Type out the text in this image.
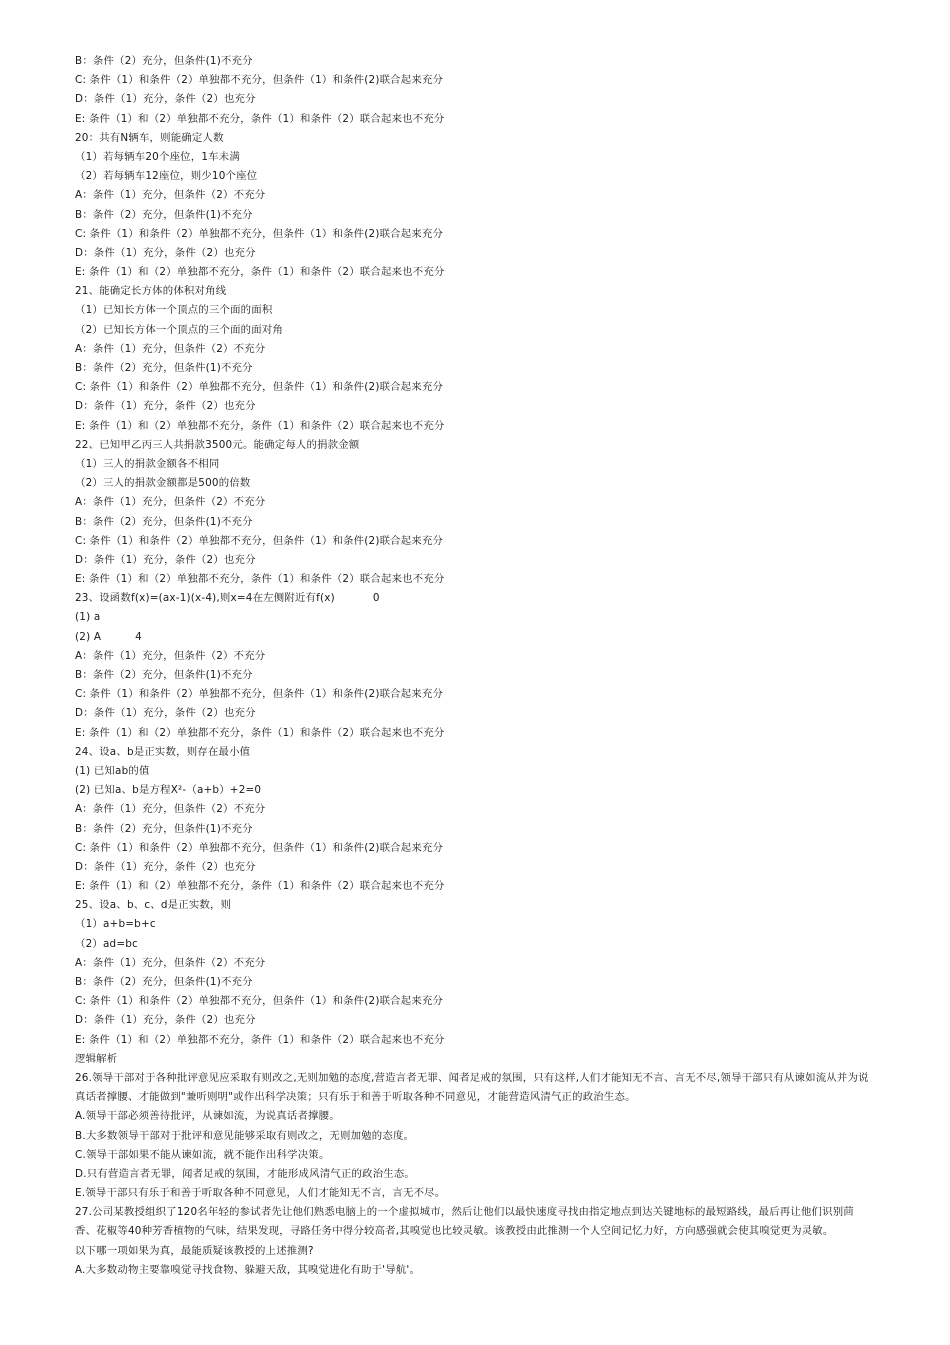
B：条件（2）充分，但条件(1)不充分
C: 条件（1）和条件（2）单独都不充分，但条件（1）和条件(2)联合起来充分
D：条件（1）充分，条件（2）也充分
E: 条件（1）和（2）单独都不充分，条件（1）和条件（2）联合起来也不充分
20：共有N辆车，则能确定人数
（1）若每辆车20个座位，1车未满
（2）若每辆车12座位，则少10个座位
A：条件（1）充分，但条件（2）不充分
B：条件（2）充分，但条件(1)不充分
C: 条件（1）和条件（2）单独都不充分，但条件（1）和条件(2)联合起来充分
D：条件（1）充分，条件（2）也充分
E: 条件（1）和（2）单独都不充分，条件（1）和条件（2）联合起来也不充分
21、能确定长方体的体积对角线
（1）已知长方体一个顶点的三个面的面积
（2）已知长方体一个顶点的三个面的面对角
A：条件（1）充分，但条件（2）不充分
B：条件（2）充分，但条件(1)不充分
C: 条件（1）和条件（2）单独都不充分，但条件（1）和条件(2)联合起来充分
D：条件（1）充分，条件（2）也充分
E: 条件（1）和（2）单独都不充分，条件（1）和条件（2）联合起来也不充分
22、已知甲乙丙三人共捐款3500元。能确定每人的捐款金额
（1）三人的捐款金额各不相同
（2）三人的捐款金额都是500的倍数
A：条件（1）充分，但条件（2）不充分
B：条件（2）充分，但条件(1)不充分
C: 条件（1）和条件（2）单独都不充分，但条件（1）和条件(2)联合起来充分
D：条件（1）充分，条件（2）也充分
E: 条件（1）和（2）单独都不充分，条件（1）和条件（2）联合起来也不充分
23、设函数f(x)=(ax-1)(x-4),则x=4在左侧附近有f(x)	0
(1) a
(2) A	4
A：条件（1）充分，但条件（2）不充分
B：条件（2）充分，但条件(1)不充分
C: 条件（1）和条件（2）单独都不充分，但条件（1）和条件(2)联合起来充分
D：条件（1）充分，条件（2）也充分
E: 条件（1）和（2）单独都不充分，条件（1）和条件（2）联合起来也不充分
24、设a、b是正实数，则存在最小值
(1) 已知ab的值
(2) 已知a、b是方程X²-（a+b）+2=0
A：条件（1）充分，但条件（2）不充分
B：条件（2）充分，但条件(1)不充分
C: 条件（1）和条件（2）单独都不充分，但条件（1）和条件(2)联合起来充分
D：条件（1）充分，条件（2）也充分
E: 条件（1）和（2）单独都不充分，条件（1）和条件（2）联合起来也不充分
25、设a、b、c、d是正实数，则
（1）a+b=b+c
（2）ad=bc
A：条件（1）充分，但条件（2）不充分
B：条件（2）充分，但条件(1)不充分
C: 条件（1）和条件（2）单独都不充分，但条件（1）和条件(2)联合起来充分
D：条件（1）充分，条件（2）也充分
E: 条件（1）和（2）单独都不充分，条件（1）和条件（2）联合起来也不充分
逻辑解析
26.领导干部对于各种批评意见应采取有则改之,无则加勉的态度,营造言者无罪、闻者足戒的氛围，只有这样,人们才能知无不言、言无不尽,领导干部只有从谏如流从并为说真话者撑腰、才能做到"兼听则明"或作出科学决策；只有乐于和善于听取各种不同意见，才能营造风清气正的政治生态。
A.领导干部必须善待批评，从谏如流，为说真话者撑腰。
B.大多数领导干部对于批评和意见能够采取有则改之，无则加勉的态度。
C.领导干部如果不能从谏如流，就不能作出科学决策。
D.只有营造言者无罪，闻者足戒的氛围，才能形成风清气正的政治生态。
E.领导干部只有乐于和善于听取各种不同意见，人们才能知无不言，言无不尽。
27.公司某教授组织了120名年轻的参试者先让他们熟悉电脑上的一个虚拟城市，然后让他们以最快速度寻找由指定地点到达关键地标的最短路线，最后再让他们识别茴香、花椒等40种芳香植物的气味，结果发现，寻路任务中得分较高者,其嗅觉也比较灵敏。该教授由此推测一个人空间记忆力好，方向感强就会使其嗅觉更为灵敏。
以下哪一项如果为真，最能质疑该教授的上述推测?
A.大多数动物主要靠嗅觉寻找食物、躲避天敌，其嗅觉进化有助于'导航'。
